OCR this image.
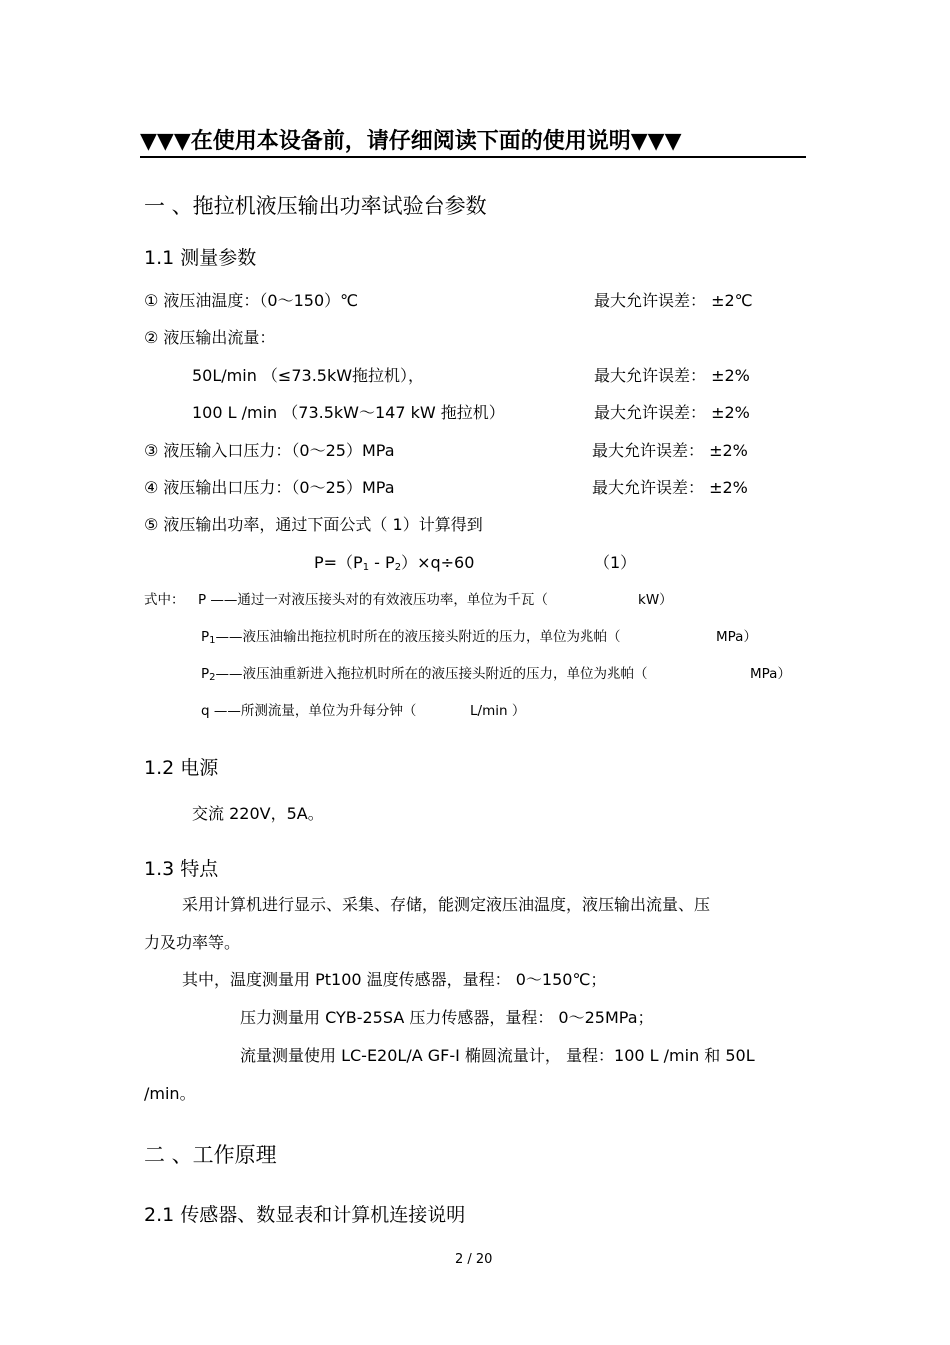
▼▼▼在使用本设备前，请仔细阅读下面的使用说明▼▼▼
一 、拖拉机液压输出功率试验台参数
1.1 测量参数
① 液压油温度：（0～150）℃	最大允许误差： ±2℃
② 液压输出流量：
50L/min （≤73.5kW拖拉机），	最大允许误差： ±2%
100 L /min （73.5kW～147 kW 拖拉机）	最大允许误差： ±2%
③ 液压输入口压力：（0～25）MPa	最大允许误差： ±2%
④ 液压输出口压力：（0～25）MPa	最大允许误差： ±2%
⑤ 液压输出功率，通过下面公式（ 1）计算得到
$P=(P_1 - P_2)\times q\div 60$	（1）
式中： P ——通过一对液压接头对的有效液压功率，单位为千瓦（	kW）
$P_1——$液压油输出拖拉机时所在的液压接头附近的压力，单位为兆帕（	MPa）
$P_2——$液压油重新进入拖拉机时所在的液压接头附近的压力，单位为兆帕（	MPa）
q ——所测流量，单位为升每分钟（	L/min ）
1.2 电源
交流 220V，5A。
1.3 特点
采用计算机进行显示、采集、存储，能测定液压油温度，液压输出流量、压
力及功率等。
其中，温度测量用 Pt100 温度传感器，量程： 0～150℃；
压力测量用 CYB-25SA 压力传感器，量程： 0～25MPa；
流量测量使用 LC-E20L/A GF-I 椭圆流量计， 量程：100 L /min 和 50L
/min。
二 、工作原理
2.1 传感器、数显表和计算机连接说明
2 / 20
